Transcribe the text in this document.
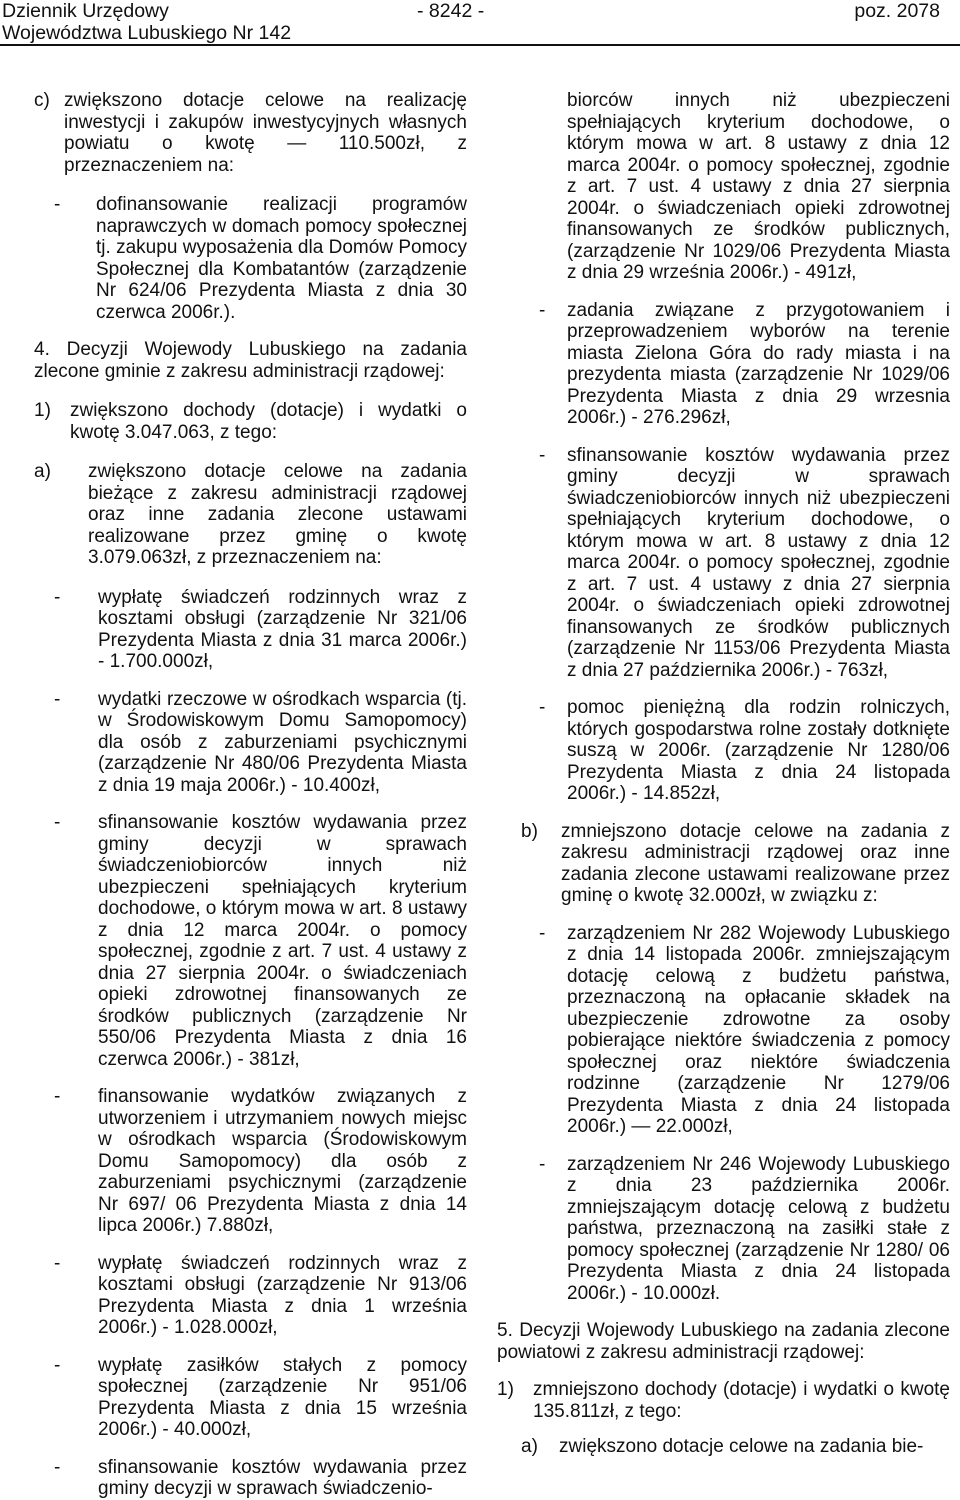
Dziennik Urzędowy
Województwa Lubuskiego Nr 142
- 8242 -	poz. 2078
c) zwiększono dotacje celowe na realizację inwestycji i zakupów inwestycyjnych własnych powiatu o kwotę — 110.500zł, z przeznaczeniem na:
- dofinansowanie realizacji programów naprawczych w domach pomocy społecznej tj. zakupu wyposażenia dla Domów Pomocy Społecznej dla Kombatantów (zarządzenie Nr 624/06 Prezydenta Miasta z dnia 30 czerwca 2006r.).

4. Decyzji Wojewody Lubuskiego na zadania zlecone gminie z zakresu administracji rządowej:

1) zwiększono dochody (dotacje) i wydatki o kwotę 3.047.063, z tego:
a) zwiększono dotacje celowe na zadania bieżące z zakresu administracji rządowej oraz inne zadania zlecone ustawami realizowane przez gminę o kwotę 3.079.063zł, z przeznaczeniem na:
- wypłatę świadczeń rodzinnych wraz z kosztami obsługi (zarządzenie Nr 321/06 Prezydenta Miasta z dnia 31 marca 2006r.) - 1.700.000zł,
- wydatki rzeczowe w ośrodkach wsparcia (tj. w Środowiskowym Domu Samopomocy) dla osób z zaburzeniami psychicznymi (zarządzenie Nr 480/06 Prezydenta Miasta z dnia 19 maja 2006r.) - 10.400zł,
- sfinansowanie kosztów wydawania przez gminy decyzji w sprawach świadczeniobiorców innych niż ubezpieczeni spełniających kryterium dochodowe, o którym mowa w art. 8 ustawy z dnia 12 marca 2004r. o pomocy społecznej, zgodnie z art. 7 ust. 4 ustawy z dnia 27 sierpnia 2004r. o świadczeniach opieki zdrowotnej finansowanych ze środków publicznych (zarządzenie Nr 550/06 Prezydenta Miasta z dnia 16 czerwca 2006r.) - 381zł,
- finansowanie wydatków związanych z utworzeniem i utrzymaniem nowych miejsc w ośrodkach wsparcia (Środowiskowym Domu Samopomocy) dla osób z zaburzeniami psychicznymi (zarządzenie Nr 697/ 06 Prezydenta Miasta z dnia 14 lipca 2006r.) 7.880zł,
- wypłatę świadczeń rodzinnych wraz z kosztami obsługi (zarządzenie Nr 913/06 Prezydenta Miasta z dnia 1 września 2006r.) - 1.028.000zł,
- wypłatę zasiłków stałych z pomocy społecznej (zarządzenie Nr 951/06 Prezydenta Miasta z dnia 15 września 2006r.) - 40.000zł,
- sfinansowanie kosztów wydawania przez gminy decyzji w sprawach świadczenio-
biorców innych niż ubezpieczeni spełniających kryterium dochodowe, o którym mowa w art. 8 ustawy z dnia 12 marca 2004r. o pomocy społecznej, zgodnie z art. 7 ust. 4 ustawy z dnia 27 sierpnia 2004r. o świadczeniach opieki zdrowotnej finansowanych ze środków publicznych, (zarządzenie Nr 1029/06 Prezydenta Miasta z dnia 29 września 2006r.) - 491zł,
- zadania związane z przygotowaniem i przeprowadzeniem wyborów na terenie miasta Zielona Góra do rady miasta i na prezydenta miasta (zarządzenie Nr 1029/06 Prezydenta Miasta z dnia 29 wrzesnia 2006r.) - 276.296zł,
- sfinansowanie kosztów wydawania przez gminy decyzji w sprawach świadczeniobiorców innych niż ubezpieczeni spełniających kryterium dochodowe, o którym mowa w art. 8 ustawy z dnia 12 marca 2004r. o pomocy społecznej, zgodnie z art. 7 ust. 4 ustawy z dnia 27 sierpnia 2004r. o świadczeniach opieki zdrowotnej finansowanych ze środków publicznych (zarządzenie Nr 1153/06 Prezydenta Miasta z dnia 27 października 2006r.) - 763zł,
- pomoc pieniężną dla rodzin rolniczych, których gospodarstwa rolne zostały dotknięte suszą w 2006r. (zarządzenie Nr 1280/06 Prezydenta Miasta z dnia 24 listopada 2006r.) - 14.852zł,
b) zmniejszono dotacje celowe na zadania z zakresu administracji rządowej oraz inne zadania zlecone ustawami realizowane przez gminę o kwotę 32.000zł, w związku z:
- zarządzeniem Nr 282 Wojewody Lubuskiego z dnia 14 listopada 2006r. zmniejszającym dotację celową z budżetu państwa, przeznaczoną na opłacanie składek na ubezpieczenie zdrowotne za osoby pobierające niektóre świadczenia z pomocy społecznej oraz niektóre świadczenia rodzinne (zarządzenie Nr 1279/06 Prezydenta Miasta z dnia 24 listopada 2006r.) — 22.000zł,
- zarządzeniem Nr 246 Wojewody Lubuskiego z dnia 23 października 2006r. zmniejszającym dotację celową z budżetu państwa, przeznaczoną na zasiłki stałe z pomocy społecznej (zarządzenie Nr 1280/ 06 Prezydenta Miasta z dnia 24 listopada 2006r.) - 10.000zł.

5. Decyzji Wojewody Lubuskiego na zadania zlecone powiatowi z zakresu administracji rządowej:

1) zmniejszono dochody (dotacje) i wydatki o kwotę 135.811zł, z tego:
a) zwiększono dotacje celowe na zadania bie-
